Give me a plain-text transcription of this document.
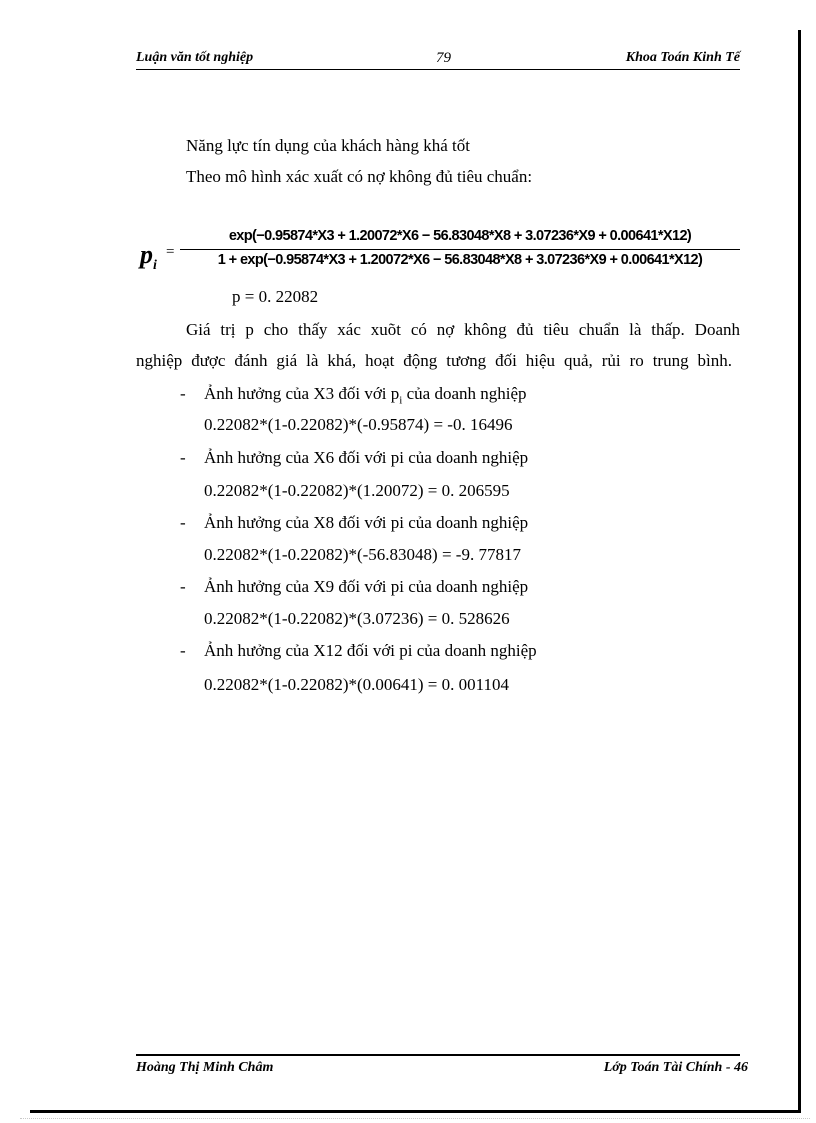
Luận văn tốt nghiệp	79	Khoa Toán Kinh Tế
Năng lực tín dụng của khách hàng khá tốt
Theo mô hình xác xuất có nợ không đủ tiêu chuẩn:
$p_i$
=
exp(−0.95874*X3 + 1.20072*X6 − 56.83048*X8 + 3.07236*X9 + 0.00641*X12)
1 + exp(−0.95874*X3 + 1.20072*X6 − 56.83048*X8 + 3.07236*X9 + 0.00641*X12)
p = 0. 22082
Giá trị p cho thấy xác xuõt có nợ không đủ tiêu chuẩn là thấp. Doanh
nghiệp được đánh giá là khá, hoạt động tương đối hiệu quả, rủi ro trung bình.
- Ảnh hưởng của X3 đối với $p_i$ của doanh nghiệp
0.22082*(1-0.22082)*(-0.95874) = -0. 16496
- Ảnh hưởng của X6 đối với pi của doanh nghiệp
0.22082*(1-0.22082)*(1.20072) = 0. 206595
- Ảnh hưởng của X8 đối với pi của doanh nghiệp
0.22082*(1-0.22082)*(-56.83048) = -9. 77817
- Ảnh hưởng của X9 đối với pi của doanh nghiệp
0.22082*(1-0.22082)*(3.07236) = 0. 528626
- Ảnh hưởng của X12 đối với pi của doanh nghiệp
0.22082*(1-0.22082)*(0.00641) = 0. 001104
Hoàng Thị Minh Châm	Lớp Toán Tài Chính - 46
